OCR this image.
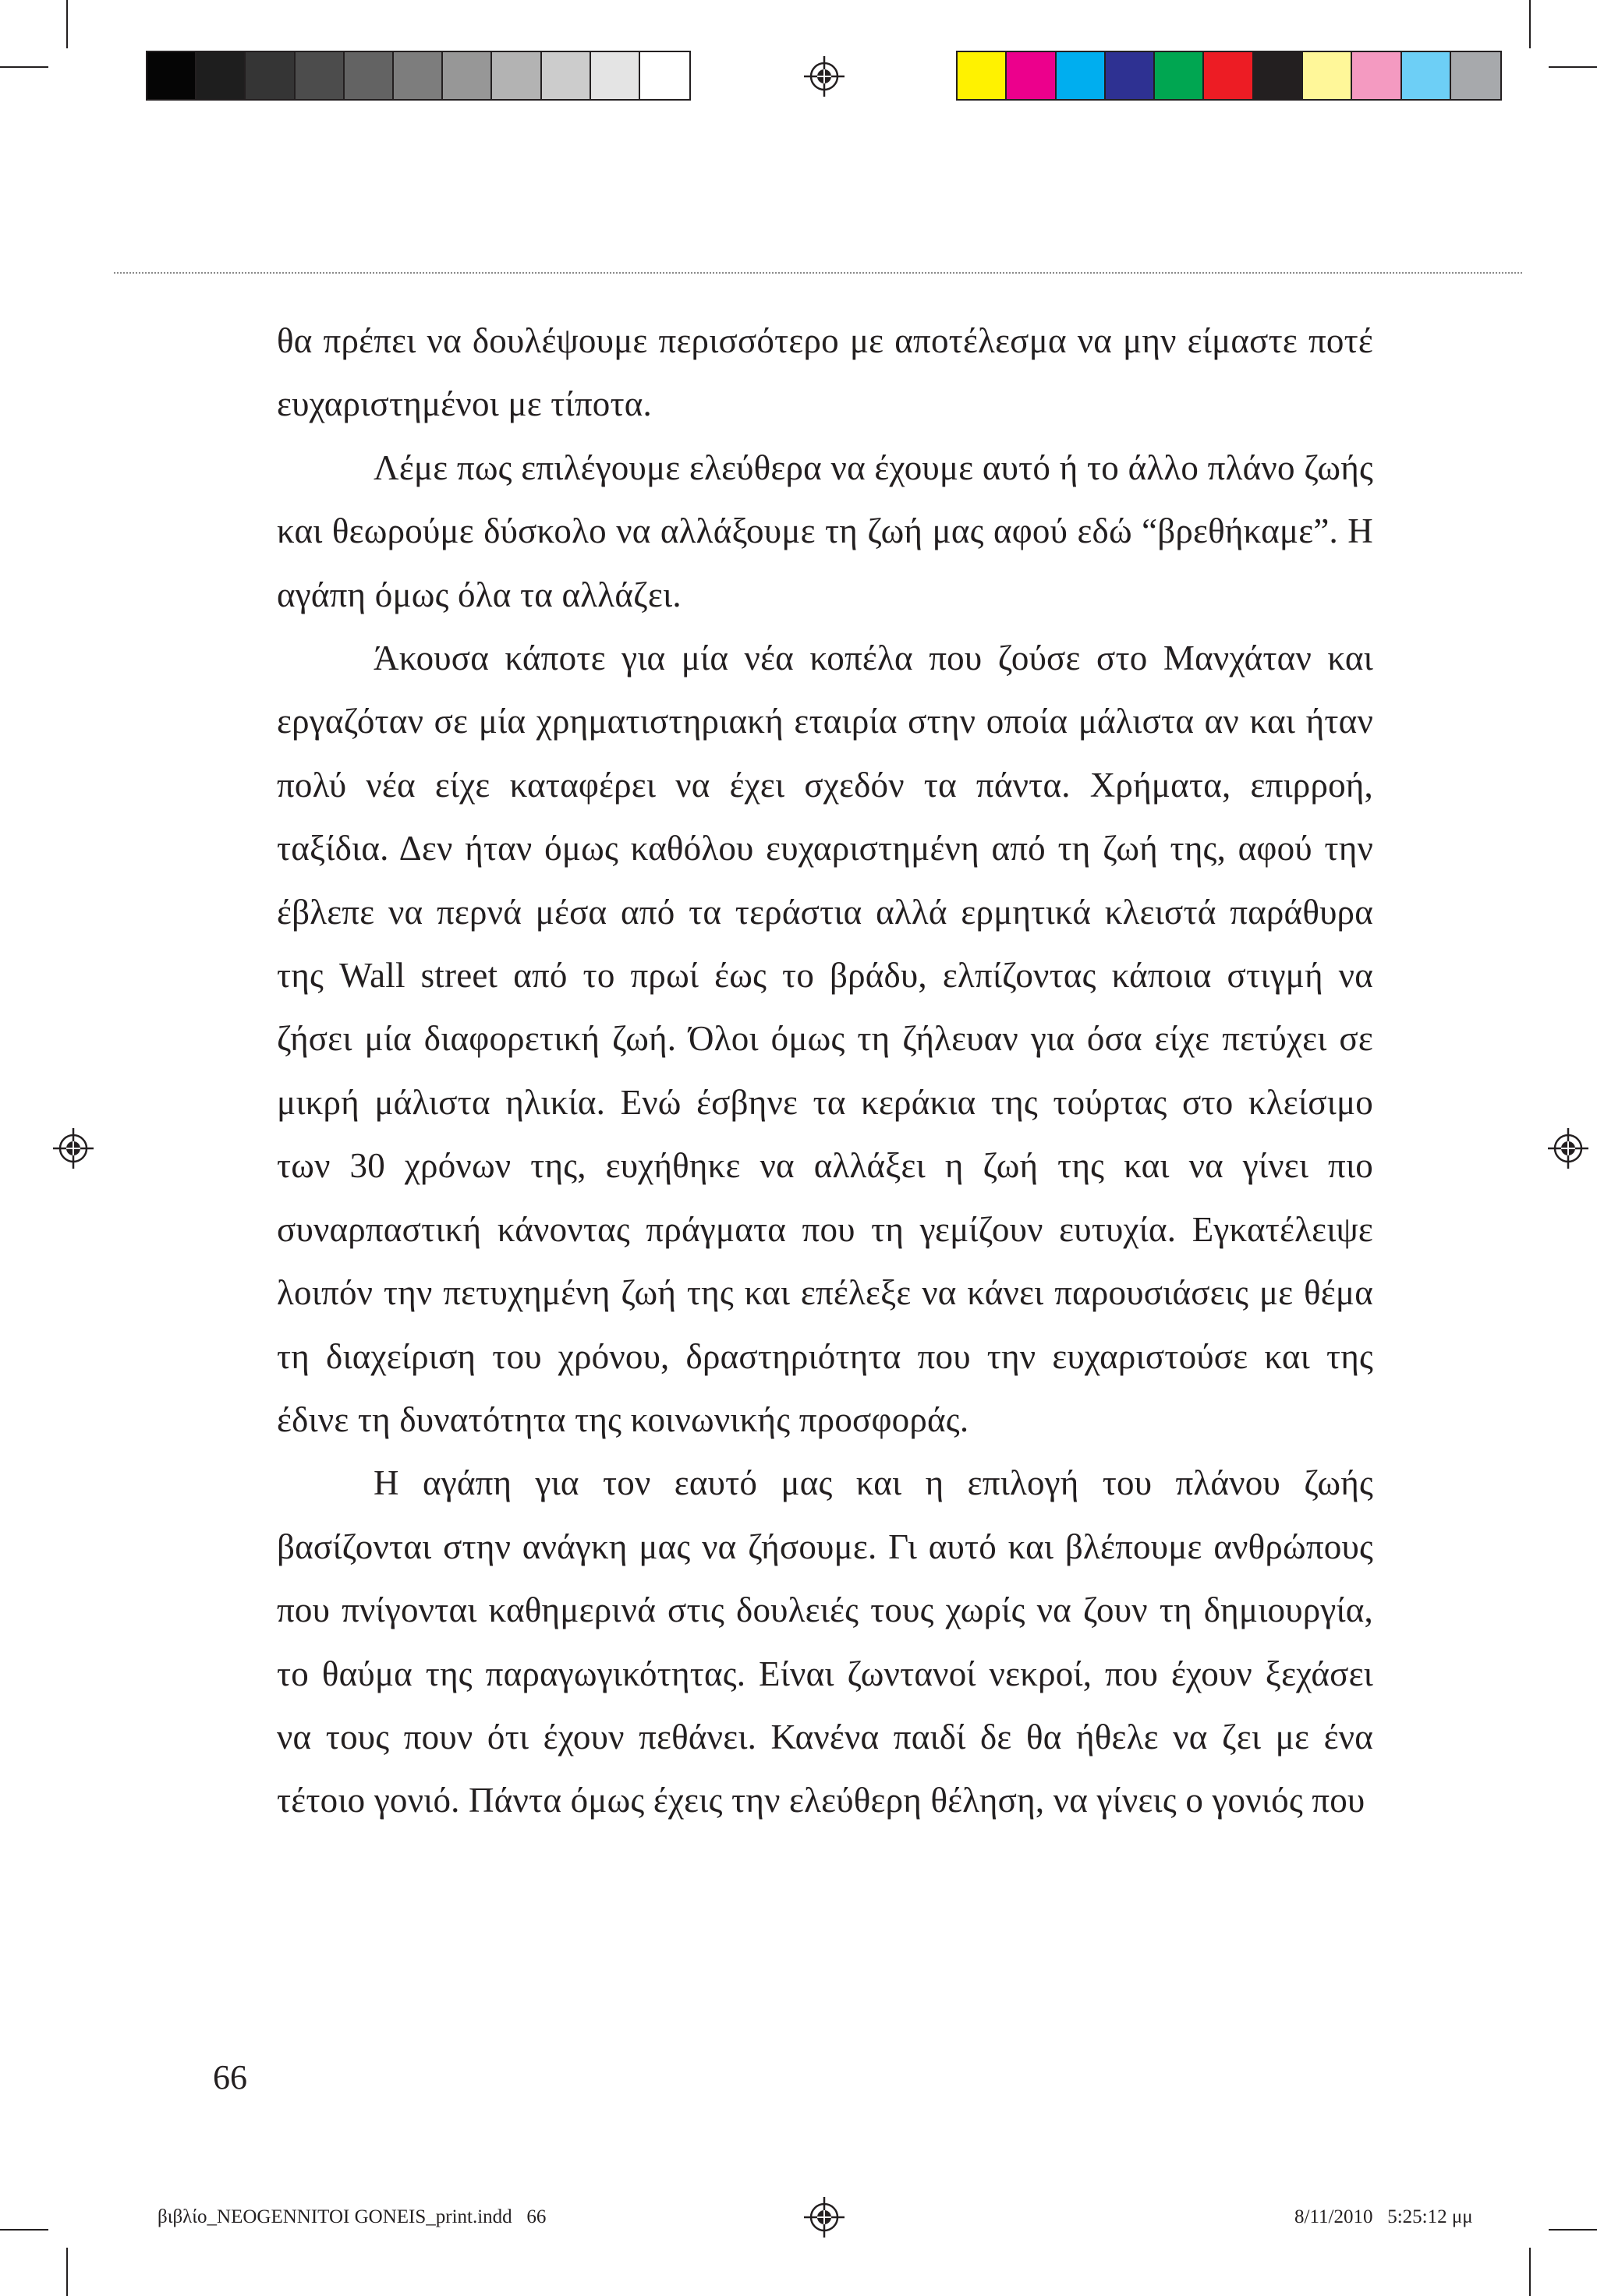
θα πρέπει να δουλέψουμε περισσότερο με αποτέλεσμα να μην είμαστε ποτέ ευχαριστημένοι με τίποτα.

Λέμε πως επιλέγουμε ελεύθερα να έχουμε αυτό ή το άλλο πλάνο ζωής και θεωρούμε δύσκολο να αλλάξουμε τη ζωή μας αφού εδώ “βρεθήκαμε”. Η αγάπη όμως όλα τα αλλάζει.

Άκουσα κάποτε για μία νέα κοπέλα που ζούσε στο Μανχάταν και εργαζόταν σε μία χρηματιστηριακή εταιρία στην οποία μάλιστα αν και ήταν πολύ νέα είχε καταφέρει να έχει σχεδόν τα πάντα. Χρήματα, επιρροή, ταξίδια. Δεν ήταν όμως καθόλου ευχαριστημένη από τη ζωή της, αφού την έβλεπε να περνά μέσα από τα τεράστια αλλά ερμητικά κλειστά παράθυρα της Wall street από το πρωί έως το βράδυ, ελπίζοντας κάποια στιγμή να ζήσει μία διαφορετική ζωή. Όλοι όμως τη ζήλευαν για όσα είχε πετύχει σε μικρή μάλιστα ηλικία. Ενώ έσβηνε τα κεράκια της τούρτας στο κλείσιμο των 30 χρόνων της, ευχήθηκε να αλλάξει η ζωή της και να γίνει πιο συναρπαστική κάνοντας πράγματα που τη γεμίζουν ευτυχία. Εγκατέλειψε λοιπόν την πετυχημένη ζωή της και επέλεξε να κάνει παρουσιάσεις με θέμα τη διαχείριση του χρόνου, δραστηριότητα που την ευχαριστούσε και της έδινε τη δυνατότητα της κοινωνικής προσφοράς.

Η αγάπη για τον εαυτό μας και η επιλογή του πλάνου ζωής βασίζονται στην ανάγκη μας να ζήσουμε. Γι αυτό και βλέπουμε ανθρώπους που πνίγονται καθημερινά στις δουλειές τους χωρίς να ζουν τη δημιουργία, το θαύμα της παραγωγικότητας. Είναι ζωντανοί νεκροί, που έχουν ξεχάσει να τους πουν ότι έχουν πεθάνει. Κανένα παιδί δε θα ήθελε να ζει με ένα τέτοιο γονιό. Πάντα όμως έχεις την ελεύθερη θέληση, να γίνεις ο γονιός που

66
βιβλίο_NEOGENNITOI GONEIS_print.indd   66	8/11/2010   5:25:12 μμ
